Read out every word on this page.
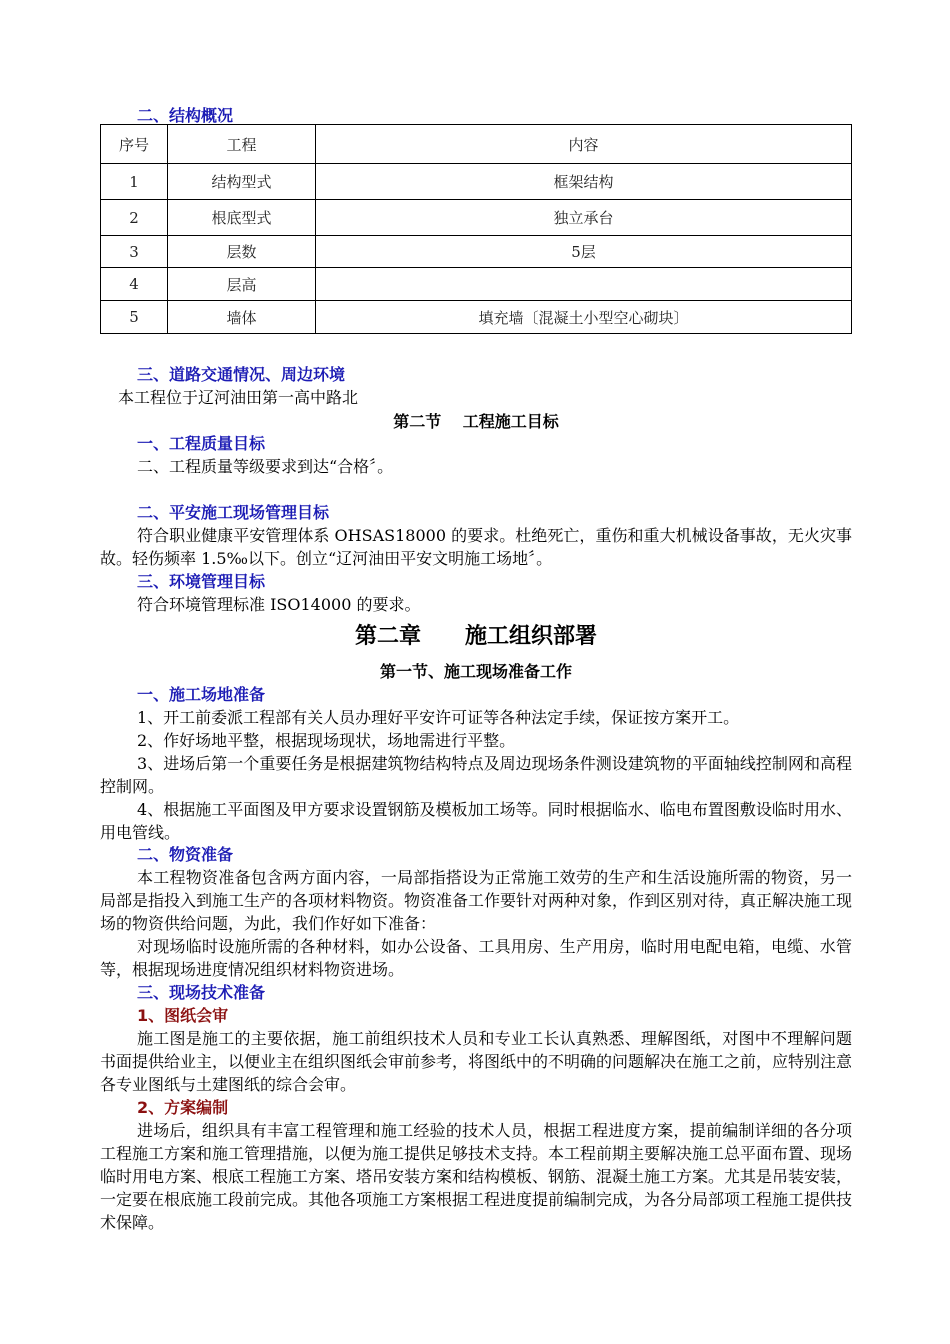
二、结构概况
序号	工程	内容
1	结构型式	框架结构
2	根底型式	独立承台
3	层数	5层
4	层高	
5	墙体	填充墙〔混凝土小型空心砌块〕
三、道路交通情况、周边环境
本工程位于辽河油田第一高中路北
第二节　 工程施工目标
一、工程质量目标
二、工程质量等级要求到达“合格〞。
二、平安施工现场管理目标
符合职业健康平安管理体系 OHSAS18000 的要求。杜绝死亡，重伤和重大机械设备事故，无火灾事故。轻伤频率 1.5‰以下。创立“辽河油田平安文明施工场地〞。
三、环境管理目标
符合环境管理标准 ISO14000 的要求。
第二章　　施工组织部署
第一节、施工现场准备工作
一、施工场地准备
1、开工前委派工程部有关人员办理好平安许可证等各种法定手续，保证按方案开工。
2、作好场地平整，根据现场现状，场地需进行平整。
3、进场后第一个重要任务是根据建筑物结构特点及周边现场条件测设建筑物的平面轴线控制网和高程控制网。
4、根据施工平面图及甲方要求设置钢筋及模板加工场等。同时根据临水、临电布置图敷设临时用水、用电管线。
二、物资准备
本工程物资准备包含两方面内容，一局部指搭设为正常施工效劳的生产和生活设施所需的物资，另一局部是指投入到施工生产的各项材料物资。物资准备工作要针对两种对象，作到区别对待，真正解决施工现场的物资供给问题，为此，我们作好如下准备：
对现场临时设施所需的各种材料，如办公设备、工具用房、生产用房，临时用电配电箱，电缆、水管等，根据现场进度情况组织材料物资进场。
三、现场技术准备
1、图纸会审
施工图是施工的主要依据，施工前组织技术人员和专业工长认真熟悉、理解图纸，对图中不理解问题书面提供给业主，以便业主在组织图纸会审前参考，将图纸中的不明确的问题解决在施工之前，应特别注意各专业图纸与土建图纸的综合会审。
2、方案编制
进场后，组织具有丰富工程管理和施工经验的技术人员，根据工程进度方案，提前编制详细的各分项工程施工方案和施工管理措施，以便为施工提供足够技术支持。本工程前期主要解决施工总平面布置、现场临时用电方案、根底工程施工方案、塔吊安装方案和结构模板、钢筋、混凝土施工方案。尤其是吊装安装，一定要在根底施工段前完成。其他各项施工方案根据工程进度提前编制完成，为各分局部项工程施工提供技术保障。
